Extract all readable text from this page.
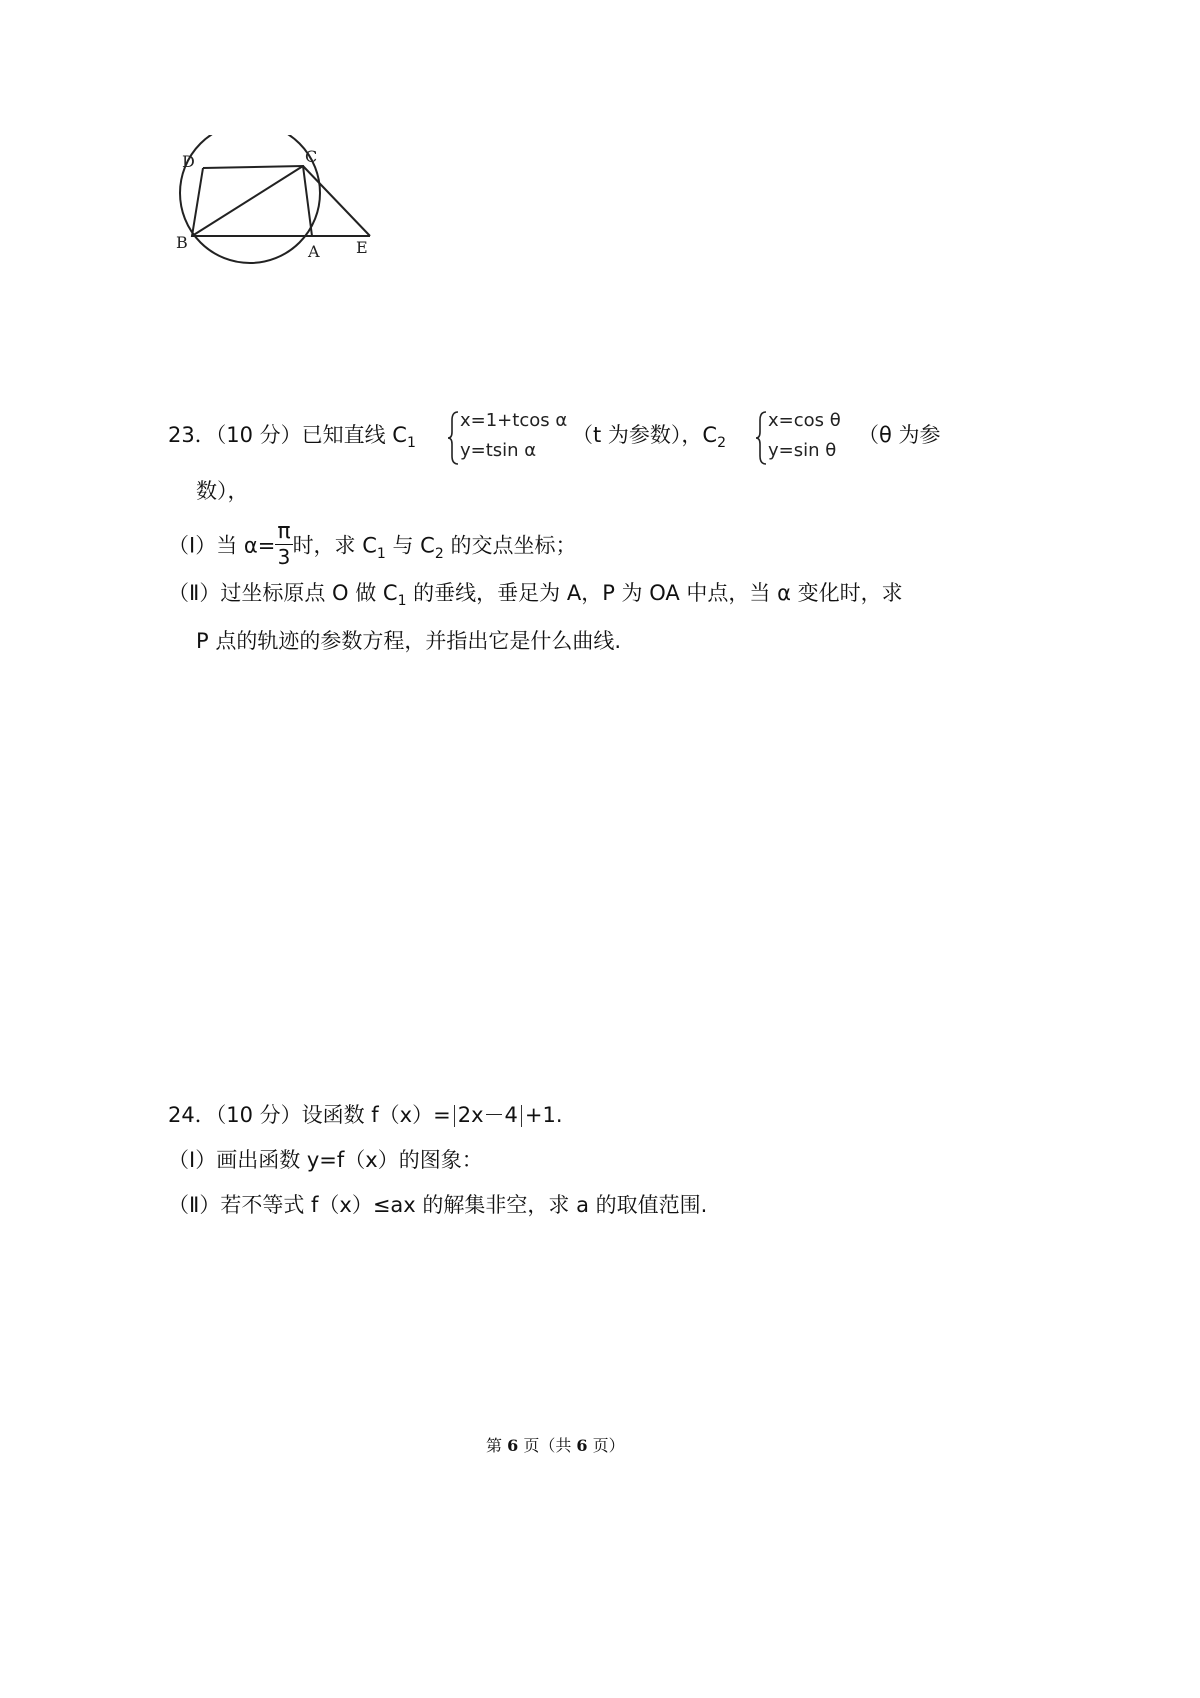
D	C
B	A E
23．（10 分）已知直线 $C_1$
x=1+tcos α
y=tsin α
（t 为参数），$C_2$
x=cos θ
y=sin θ
（θ 为参
数），
（Ⅰ）当 $\alpha= \frac{\pi}{3}$ 时，求 $C_1$ 与 $C_2$ 的交点坐标；
（Ⅱ）过坐标原点 O 做 $C_1$ 的垂线，垂足为 A，P 为 OA 中点，当 α 变化时，求
P 点的轨迹的参数方程，并指出它是什么曲线.
24．（10 分）设函数 f（x）= 2x－4 +1.
（Ⅰ）画出函数 y=f（x）的图象：
（Ⅱ）若不等式 f（x）≤ax 的解集非空，求 a 的取值范围.
第 6 页（共 6 页）
